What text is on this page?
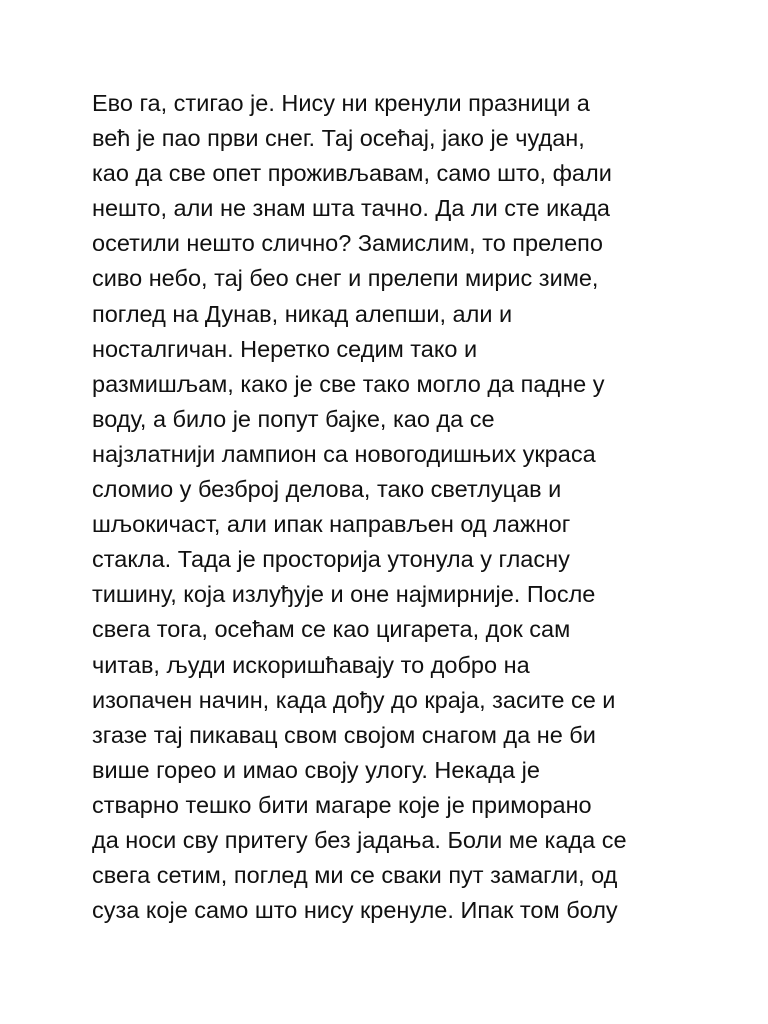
Ево га, стигао је. Нису ни кренули празници а
већ је пао први снег. Тај осећај, јако је чудан,
као да све опет проживљавам, само што, фали
нешто, али не знам шта тачно. Да ли сте икада
осетили нешто слично? Замислим, то прелепо
сиво небо, тај бео снег и прелепи мирис зиме,
поглед на Дунав, никад алепши, али и
носталгичан. Неретко седим тако и
размишљам, како је све тако могло да падне у
воду, а било је попут бајке, као да се
најзлатнији лампион са новогодишњих украса
сломио у безброј делова, тако светлуцав и
шљокичаст, али ипак направљен од лажног
стакла. Тада је просторија утонула у гласну
тишину, која излуђује и оне најмирније. После
свега тога, осећам се као цигарета, док сам
читав, људи искоришћавају то добро на
изопачен начин, када дођу до краја, засите се и
згазе тај пикавац свом својом снагом да не би
више гореo и имао своју улогу. Некада је
стварно тешко бити магаре које је приморано
да носи сву притегу без јадања. Боли ме када се
свега сетим, поглед ми се сваки пут замагли, од
суза које само што нису кренуле. Ипак том болу
